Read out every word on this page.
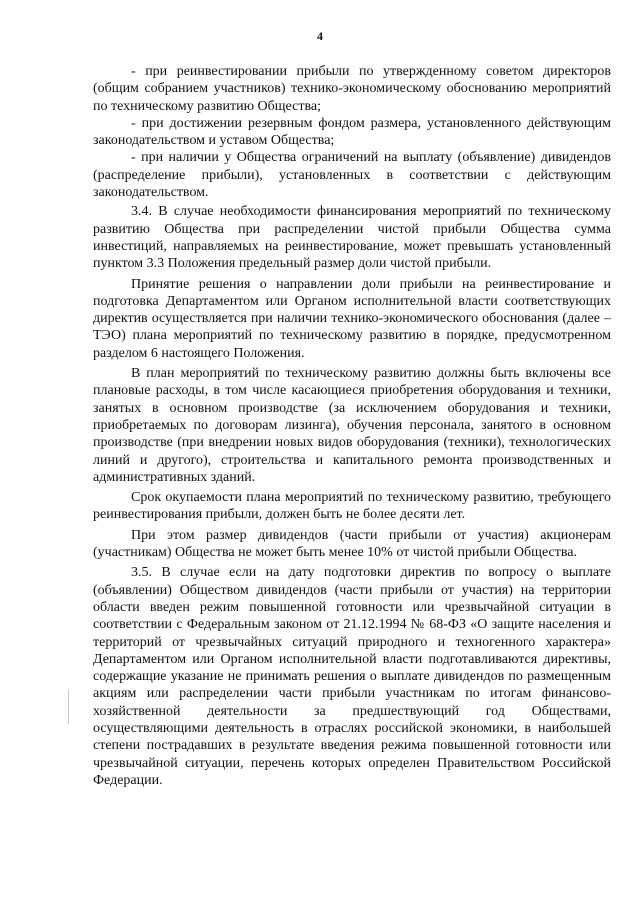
4

- при реинвестировании прибыли по утвержденному советом директоров (общим собранием участников) технико-экономическому обоснованию мероприятий по техническому развитию Общества;

- при достижении резервным фондом размера, установленного действующим законодательством и уставом Общества;

- при наличии у Общества ограничений на выплату (объявление) дивидендов (распределение прибыли), установленных в соответствии с действующим законодательством.

3.4. В случае необходимости финансирования мероприятий по техническому развитию Общества при распределении чистой прибыли Общества сумма инвестиций, направляемых на реинвестирование, может превышать установленный пунктом 3.3 Положения предельный размер доли чистой прибыли.

Принятие решения о направлении доли прибыли на реинвестирование и подготовка Департаментом или Органом исполнительной власти соответствующих директив осуществляется при наличии технико-экономического обоснования (далее – ТЭО) плана мероприятий по техническому развитию в порядке, предусмотренном разделом 6 настоящего Положения.

В план мероприятий по техническому развитию должны быть включены все плановые расходы, в том числе касающиеся приобретения оборудования и техники, занятых в основном производстве (за исключением оборудования и техники, приобретаемых по договорам лизинга), обучения персонала, занятого в основном производстве (при внедрении новых видов оборудования (техники), технологических линий и другого), строительства и капитального ремонта производственных и административных зданий.

Срок окупаемости плана мероприятий по техническому развитию, требующего реинвестирования прибыли, должен быть не более десяти лет.

При этом размер дивидендов (части прибыли от участия) акционерам (участникам) Общества не может быть менее 10% от чистой прибыли Общества.

3.5. В случае если на дату подготовки директив по вопросу о выплате (объявлении) Обществом дивидендов (части прибыли от участия) на территории области введен режим повышенной готовности или чрезвычайной ситуации в соответствии с Федеральным законом от 21.12.1994 № 68-ФЗ «О защите населения и территорий от чрезвычайных ситуаций природного и техногенного характера» Департаментом или Органом исполнительной власти подготавливаются директивы, содержащие указание не принимать решения о выплате дивидендов по размещенным акциям или распределении части прибыли участникам по итогам финансово-хозяйственной деятельности за предшествующий год Обществами, осуществляющими деятельность в отраслях российской экономики, в наибольшей степени пострадавших в результате введения режима повышенной готовности или чрезвычайной ситуации, перечень которых определен Правительством Российской Федерации.
